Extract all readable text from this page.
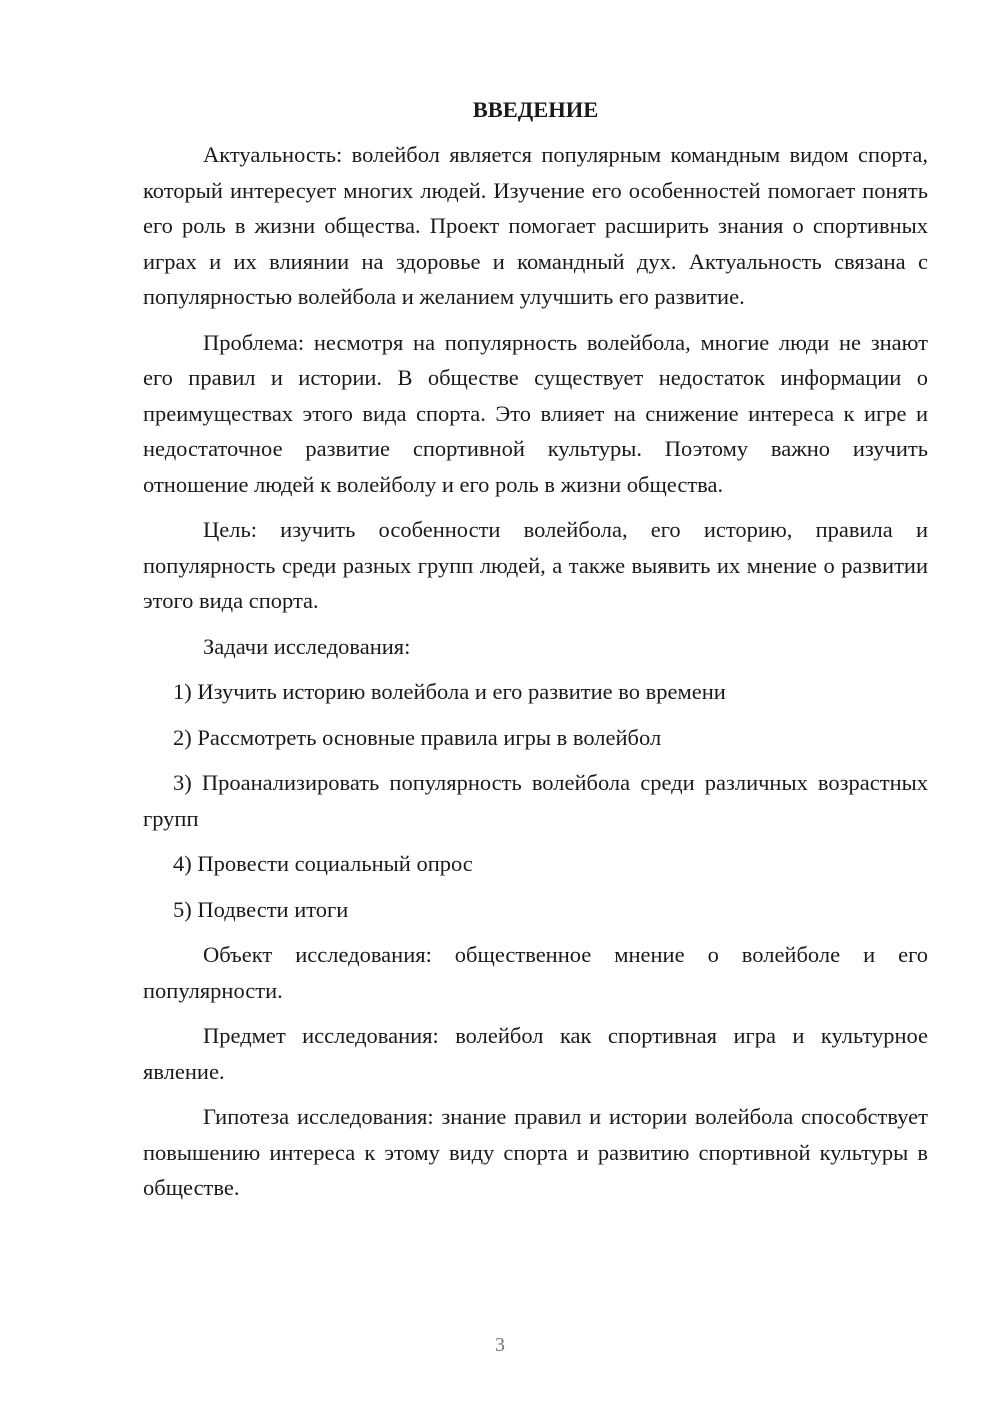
ВВЕДЕНИЕ

Актуальность: волейбол является популярным командным видом спорта, который интересует многих людей. Изучение его особенностей помогает понять его роль в жизни общества. Проект помогает расширить знания о спортивных играх и их влиянии на здоровье и командный дух. Актуальность связана с популярностью волейбола и желанием улучшить его развитие.

Проблема: несмотря на популярность волейбола, многие люди не знают его правил и истории. В обществе существует недостаток информации о преимуществах этого вида спорта. Это влияет на снижение интереса к игре и недостаточное развитие спортивной культуры. Поэтому важно изучить отношение людей к волейболу и его роль в жизни общества.

Цель: изучить особенности волейбола, его историю, правила и популярность среди разных групп людей, а также выявить их мнение о развитии этого вида спорта.

Задачи исследования:

1) Изучить историю волейбола и его развитие во времени

2) Рассмотреть основные правила игры в волейбол

3) Проанализировать популярность волейбола среди различных возрастных групп

4) Провести социальный опрос

5) Подвести итоги

Объект исследования: общественное мнение о волейболе и его популярности.

Предмет исследования: волейбол как спортивная игра и культурное явление.

Гипотеза исследования: знание правил и истории волейбола способствует повышению интереса к этому виду спорта и развитию спортивной культуры в обществе.

3
